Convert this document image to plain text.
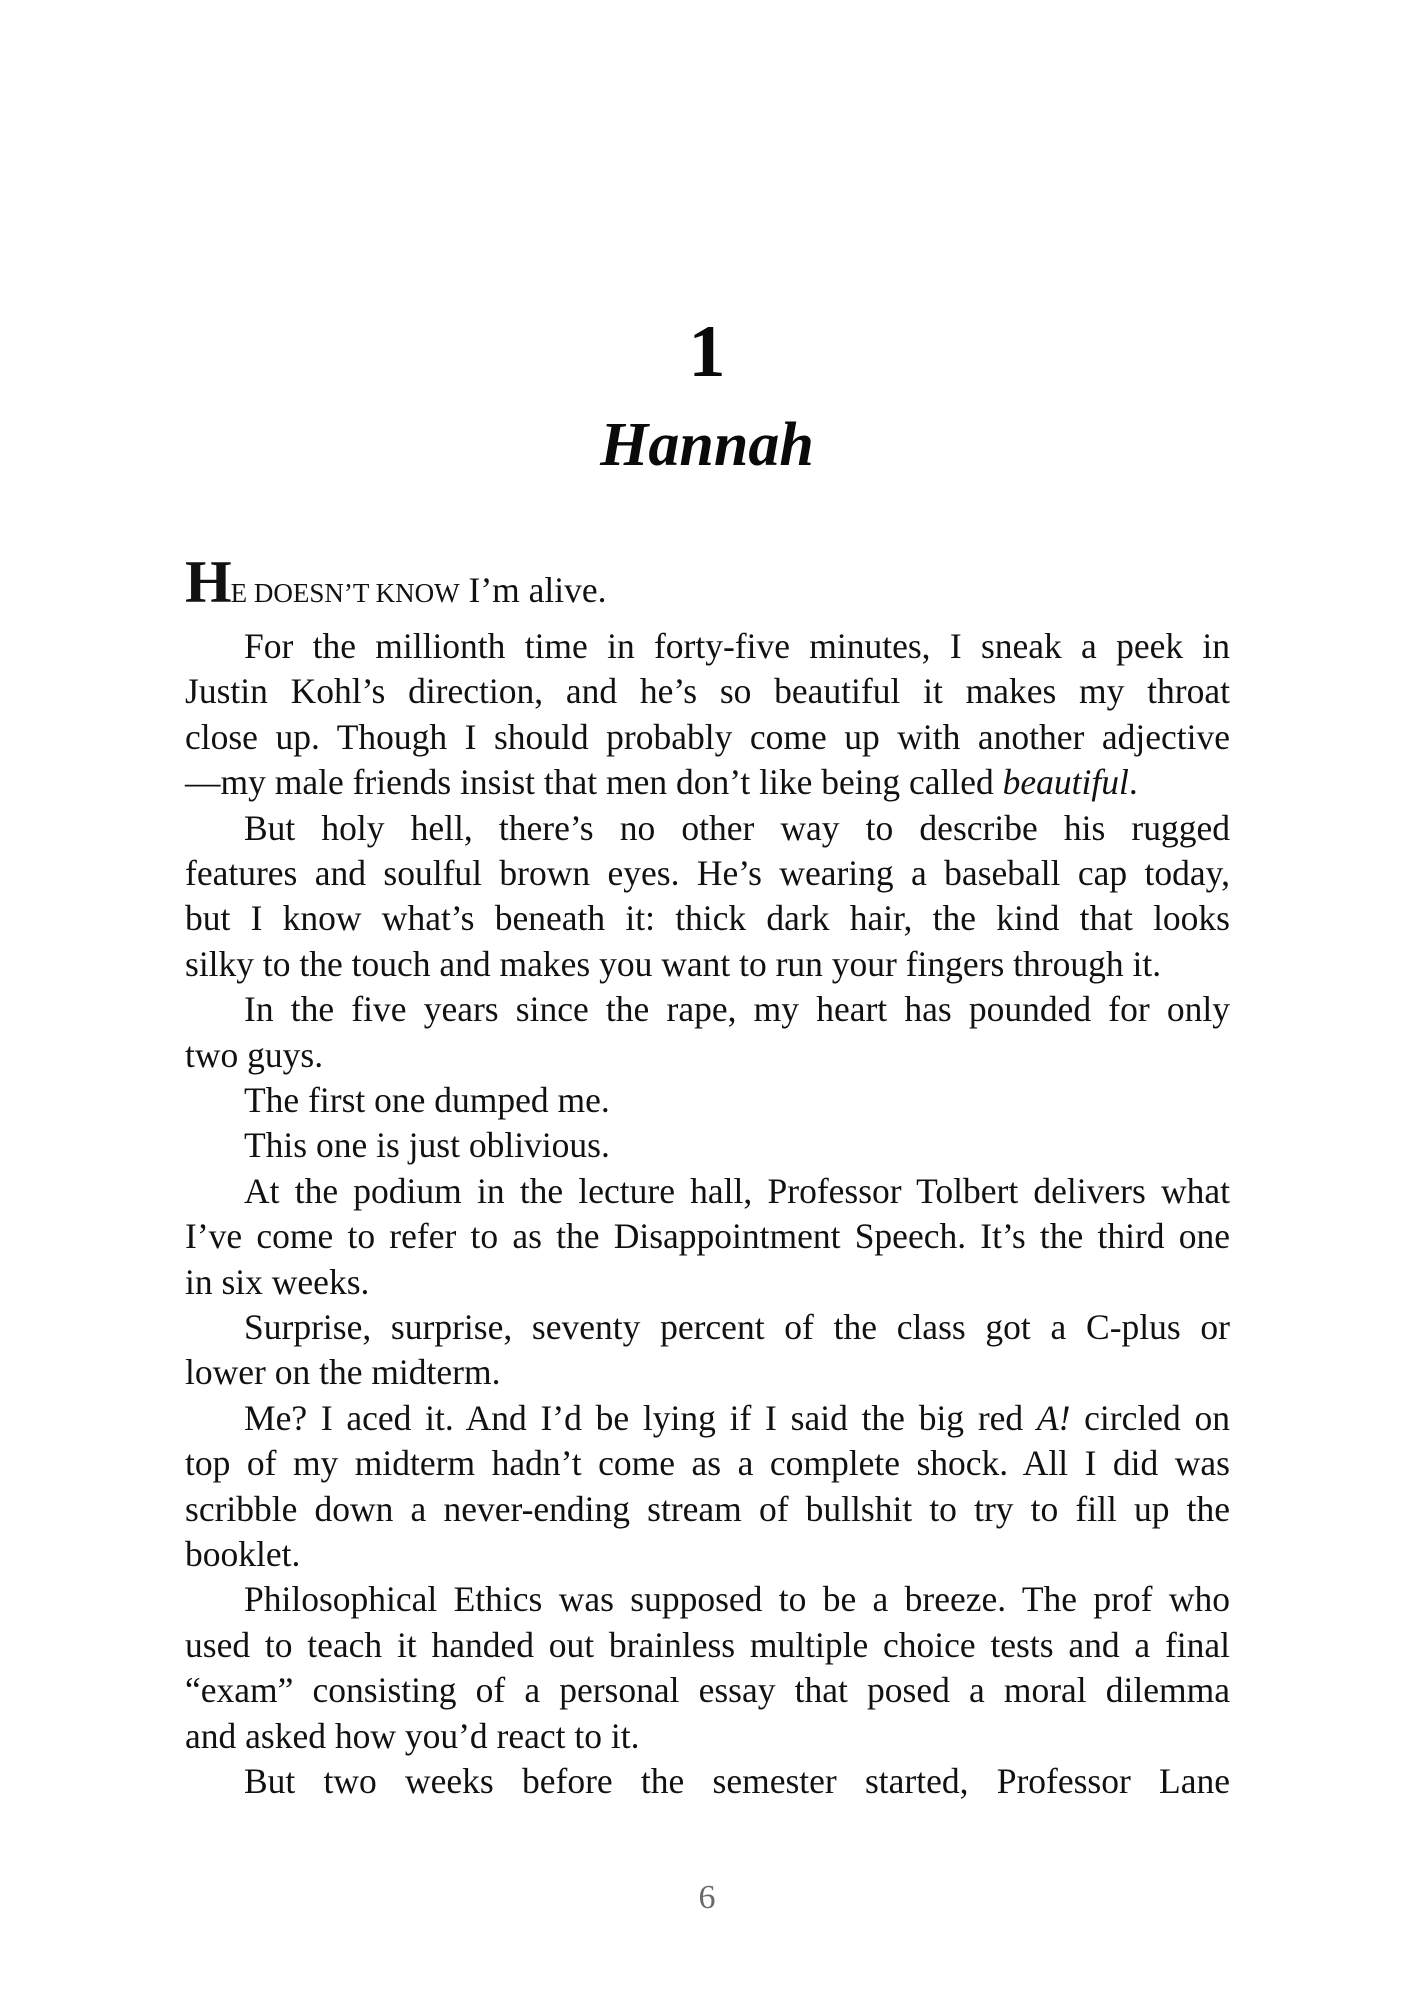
1
Hannah
HE DOESN’T KNOW I’m alive.
For the millionth time in forty-five minutes, I sneak a peek in
Justin Kohl’s direction, and he’s so beautiful it makes my throat
close up. Though I should probably come up with another adjective
—my male friends insist that men don’t like being called beautiful.
But holy hell, there’s no other way to describe his rugged
features and soulful brown eyes. He’s wearing a baseball cap today,
but I know what’s beneath it: thick dark hair, the kind that looks
silky to the touch and makes you want to run your fingers through it.
In the five years since the rape, my heart has pounded for only
two guys.
The first one dumped me.
This one is just oblivious.
At the podium in the lecture hall, Professor Tolbert delivers what
I’ve come to refer to as the Disappointment Speech. It’s the third one
in six weeks.
Surprise, surprise, seventy percent of the class got a C-plus or
lower on the midterm.
Me? I aced it. And I’d be lying if I said the big red A! circled on
top of my midterm hadn’t come as a complete shock. All I did was
scribble down a never-ending stream of bullshit to try to fill up the
booklet.
Philosophical Ethics was supposed to be a breeze. The prof who
used to teach it handed out brainless multiple choice tests and a final
“exam” consisting of a personal essay that posed a moral dilemma
and asked how you’d react to it.
But two weeks before the semester started, Professor Lane
6
